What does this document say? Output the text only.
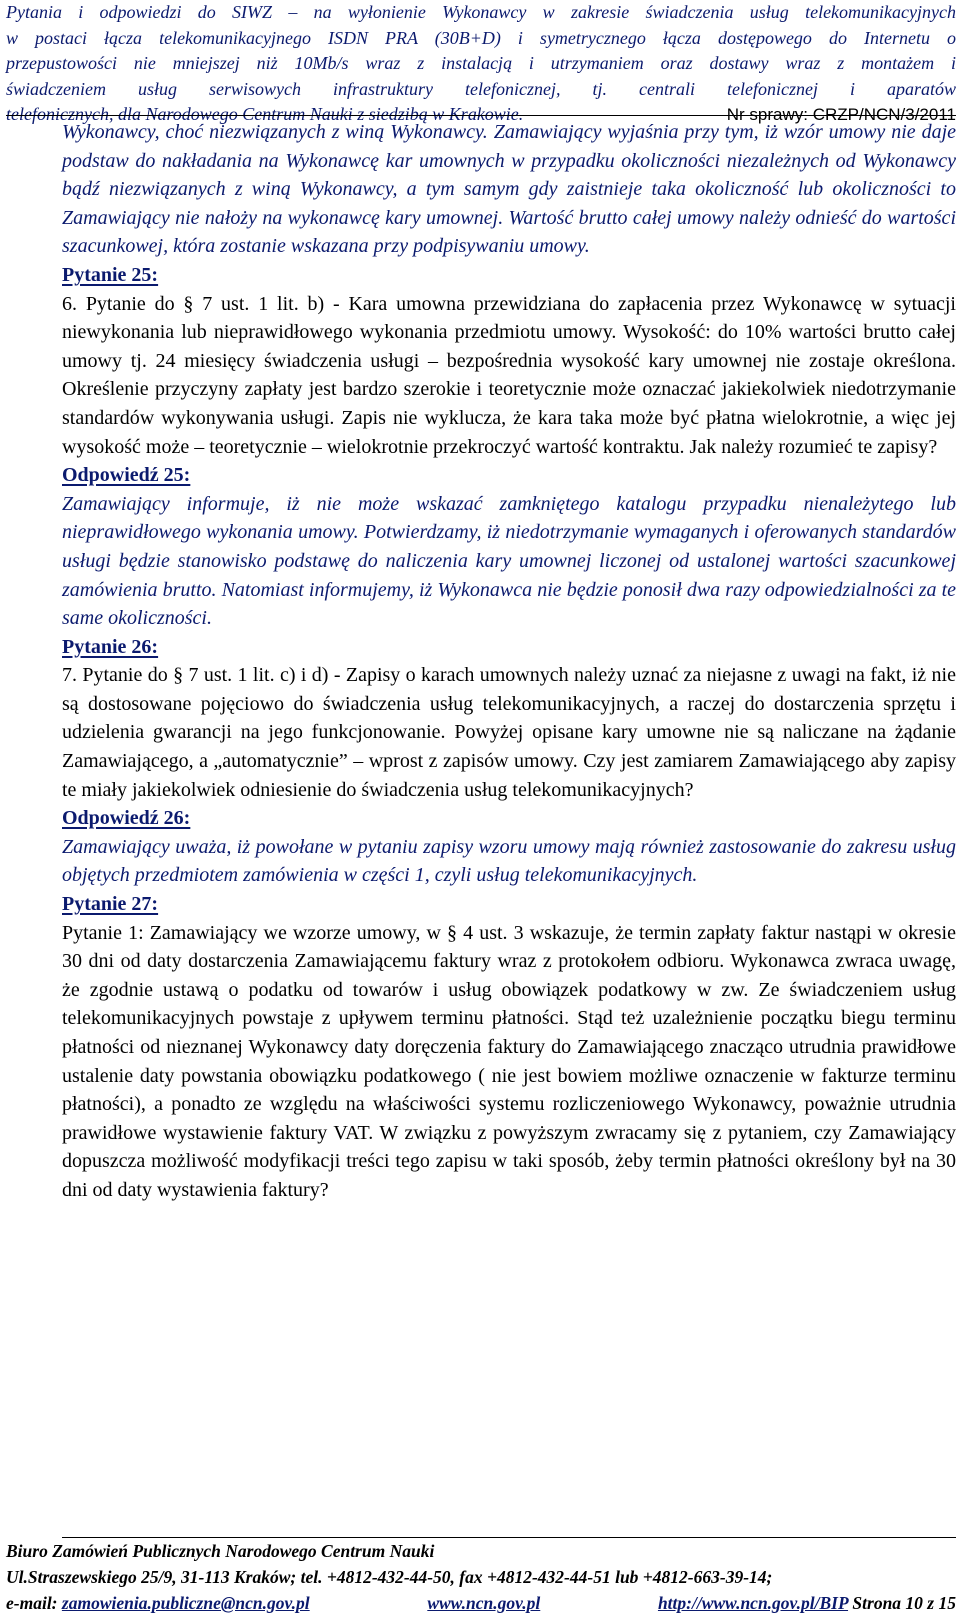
Pytania i odpowiedzi do SIWZ – na wyłonienie Wykonawcy w zakresie świadczenia usług telekomunikacyjnych
w postaci łącza telekomunikacyjnego ISDN PRA (30B+D) i symetrycznego łącza dostępowego do Internetu o
przepustowości nie mniejszej niż 10Mb/s wraz z instalacją i utrzymaniem oraz dostawy wraz z montażem i
świadczeniem usług serwisowych infrastruktury telefonicznej, tj. centrali telefonicznej i aparatów
telefonicznych, dla Narodowego Centrum Nauki z siedzibą w Krakowie.	Nr sprawy: CRZP/NCN/3/2011

Wykonawcy, choć niezwiązanych z winą Wykonawcy. Zamawiający wyjaśnia przy tym, iż wzór umowy nie daje podstaw do nakładania na Wykonawcę kar umownych w przypadku okoliczności niezależnych od Wykonawcy bądź niezwiązanych z winą Wykonawcy, a tym samym gdy zaistnieje taka okoliczność lub okoliczności to Zamawiający nie nałoży na wykonawcę kary umownej. Wartość brutto całej umowy należy odnieść do wartości szacunkowej, która zostanie wskazana przy podpisywaniu umowy.

Pytanie 25:

6. Pytanie do § 7 ust. 1 lit. b) - Kara umowna przewidziana do zapłacenia przez Wykonawcę w sytuacji niewykonania lub nieprawidłowego wykonania przedmiotu umowy. Wysokość: do 10% wartości brutto całej umowy tj. 24 miesięcy świadczenia usługi – bezpośrednia wysokość kary umownej nie zostaje określona. Określenie przyczyny zapłaty jest bardzo szerokie i teoretycznie może oznaczać jakiekolwiek niedotrzymanie standardów wykonywania usługi. Zapis nie wyklucza, że kara taka może być płatna wielokrotnie, a więc jej wysokość może – teoretycznie – wielokrotnie przekroczyć wartość kontraktu. Jak należy rozumieć te zapisy?

Odpowiedź 25:

Zamawiający informuje, iż nie może wskazać zamkniętego katalogu przypadku nienależytego lub nieprawidłowego wykonania umowy. Potwierdzamy, iż niedotrzymanie wymaganych i oferowanych standardów usługi będzie stanowisko podstawę do naliczenia kary umownej liczonej od ustalonej wartości szacunkowej zamówienia brutto. Natomiast informujemy, iż Wykonawca nie będzie ponosił dwa razy odpowiedzialności za te same okoliczności.

Pytanie 26:

7. Pytanie do § 7 ust. 1 lit. c) i d) - Zapisy o karach umownych należy uznać za niejasne z uwagi na fakt, iż nie są dostosowane pojęciowo do świadczenia usług telekomunikacyjnych, a raczej do dostarczenia sprzętu i udzielenia gwarancji na jego funkcjonowanie. Powyżej opisane kary umowne nie są naliczane na żądanie Zamawiającego, a „automatycznie” – wprost z zapisów umowy. Czy jest zamiarem Zamawiającego aby zapisy te miały jakiekolwiek odniesienie do świadczenia usług telekomunikacyjnych?

Odpowiedź 26:

Zamawiający uważa, iż powołane w pytaniu zapisy wzoru umowy mają również zastosowanie do zakresu usług objętych przedmiotem zamówienia w części 1, czyli usług telekomunikacyjnych.

Pytanie 27:

Pytanie 1: Zamawiający we wzorze umowy, w § 4 ust. 3 wskazuje, że termin zapłaty faktur nastąpi w okresie 30 dni od daty dostarczenia Zamawiającemu faktury wraz z protokołem odbioru. Wykonawca zwraca uwagę, że zgodnie ustawą o podatku od towarów i usług obowiązek podatkowy w zw. Ze świadczeniem usług telekomunikacyjnych powstaje z upływem terminu płatności. Stąd też uzależnienie początku biegu terminu płatności od nieznanej Wykonawcy daty doręczenia faktury do Zamawiającego znacząco utrudnia prawidłowe ustalenie daty powstania obowiązku podatkowego ( nie jest bowiem możliwe oznaczenie w fakturze terminu płatności), a ponadto ze względu na właściwości systemu rozliczeniowego Wykonawcy, poważnie utrudnia prawidłowe wystawienie faktury VAT. W związku z powyższym zwracamy się z pytaniem, czy Zamawiający dopuszcza możliwość modyfikacji treści tego zapisu w taki sposób, żeby termin płatności określony był na 30 dni od daty wystawienia faktury?

Biuro Zamówień Publicznych Narodowego Centrum Nauki
Ul.Straszewskiego 25/9, 31-113 Kraków; tel. +4812-432-44-50, fax +4812-432-44-51 lub +4812-663-39-14;
e-mail: zamowienia.publiczne@ncn.gov.pl	www.ncn.gov.pl	http://www.ncn.gov.pl/BIP Strona 10 z 15
